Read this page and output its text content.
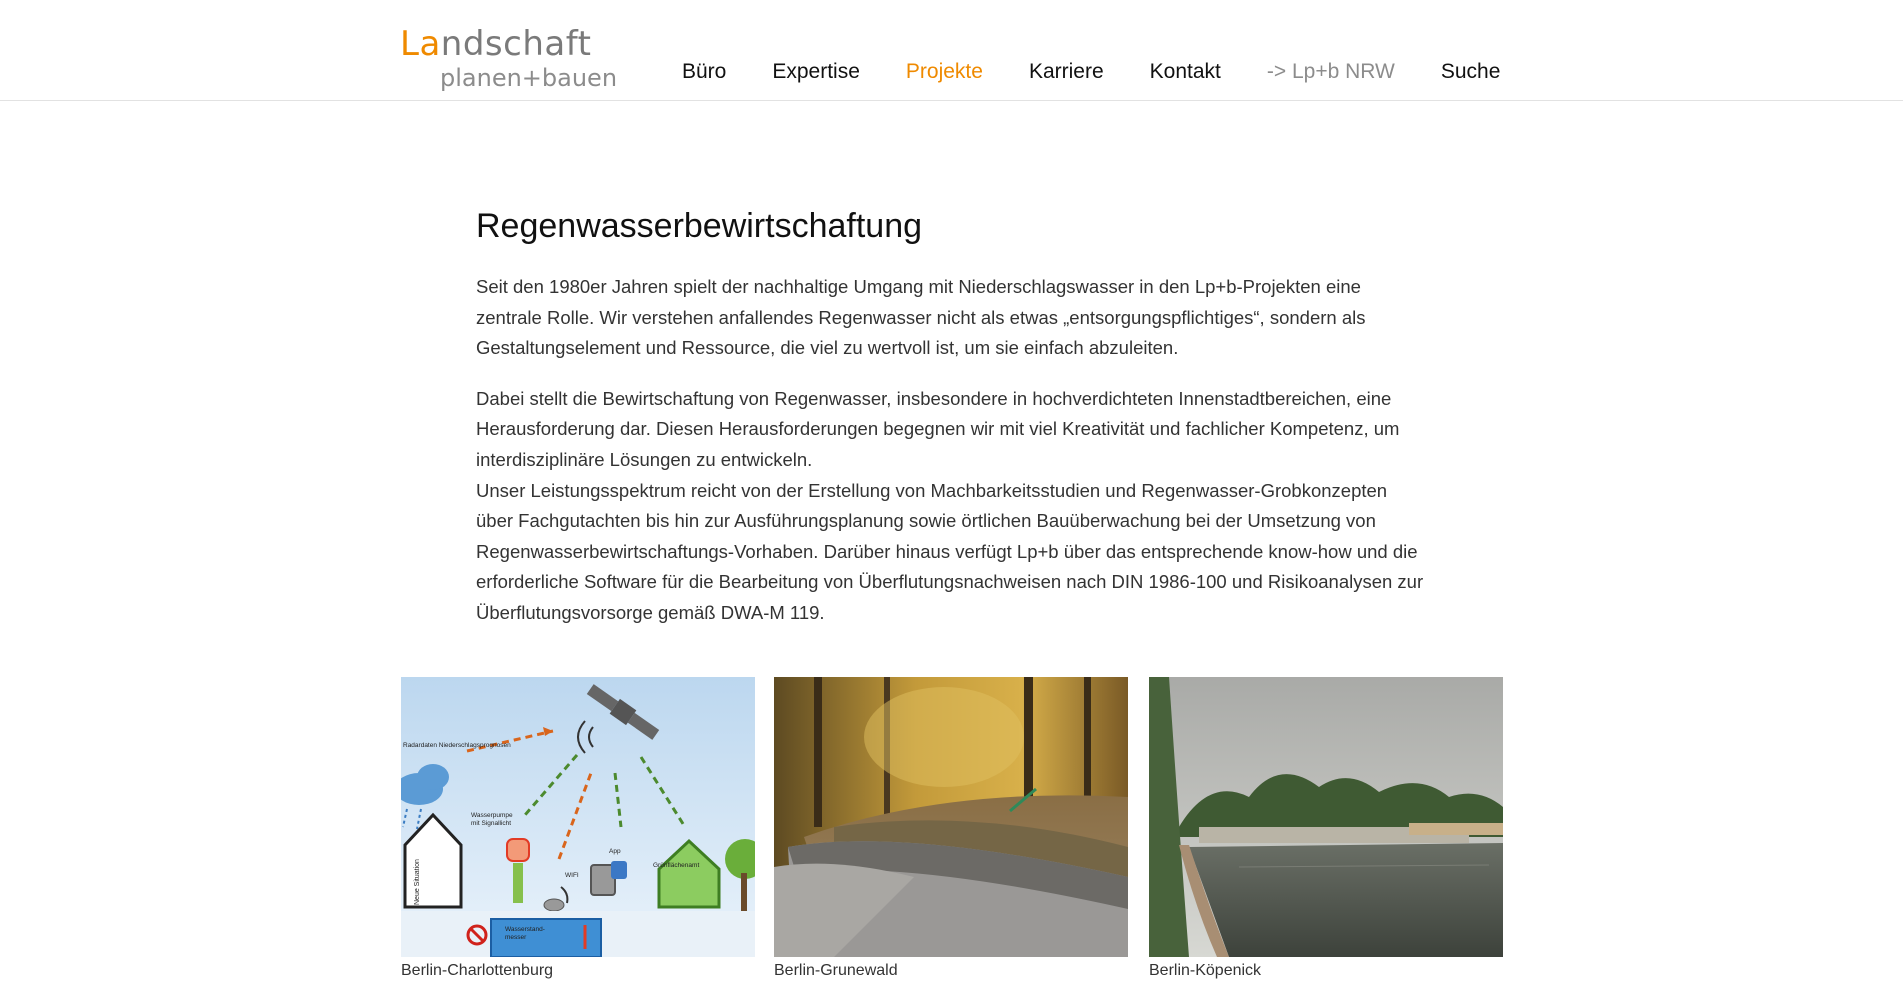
Landschaft
planen+bauen	Büro Expertise Projekte Karriere Kontakt -> Lp+b NRW Suche
Regenwasserbewirtschaftung

Seit den 1980er Jahren spielt der nachhaltige Umgang mit Niederschlagswasser in den Lp+b-Projekten eine zentrale Rolle. Wir verstehen anfallendes Regenwasser nicht als etwas „entsorgungspflichtiges“, sondern als Gestaltungselement und Ressource, die viel zu wertvoll ist, um sie einfach abzuleiten.

Dabei stellt die Bewirtschaftung von Regenwasser, insbesondere in hochverdichteten Innenstadtbereichen, eine Herausforderung dar. Diesen Herausforderungen begegnen wir mit viel Kreativität und fachlicher Kompetenz, um interdisziplinäre Lösungen zu entwickeln.

Unser Leistungsspektrum reicht von der Erstellung von Machbarkeitsstudien und Regenwasser-Grobkonzepten über Fachgutachten bis hin zur Ausführungsplanung sowie örtlichen Bauüberwachung bei der Umsetzung von Regenwasserbewirtschaftungs-Vorhaben. Darüber hinaus verfügt Lp+b über das entsprechende know-how und die erforderliche Software für die Bearbeitung von Überflutungsnachweisen nach DIN 1986-100 und Risikoanalysen zur Überflutungsvorsorge gemäß DWA-M 119.

Radardaten Niederschlagsprognosen
Wasserpumpe
mit Signallicht
App
WIFI
Grünflächenamt
Neue Situation
Wasserstand-
messer
Berlin-Charlottenburg	Berlin-Grunewald	Berlin-Köpenick
